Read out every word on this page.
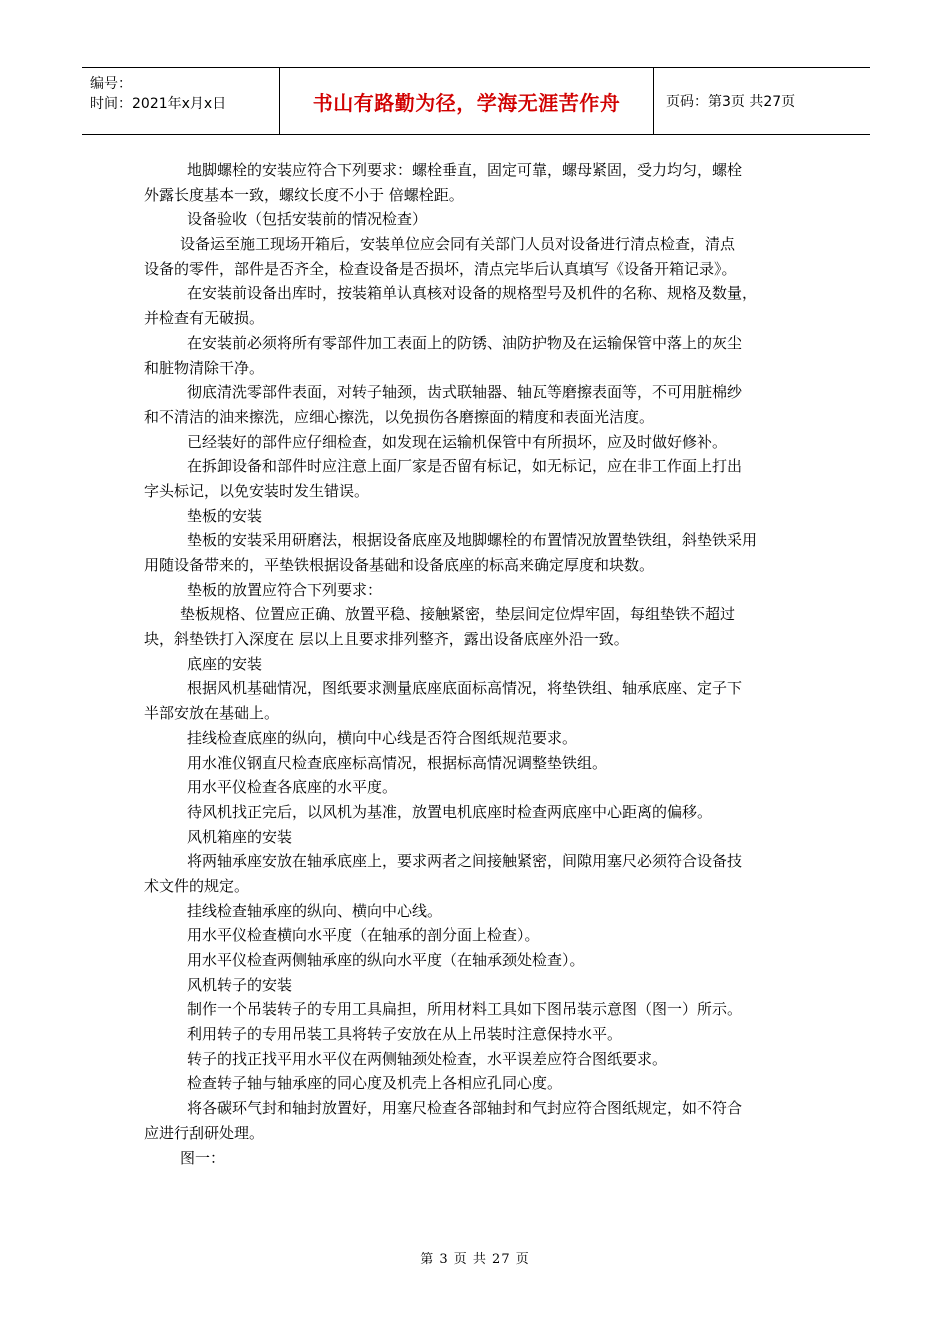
编号：
时间：2021年x月x日	书山有路勤为径，学海无涯苦作舟	页码：第3页 共27页
地脚螺栓的安装应符合下列要求：螺栓垂直，固定可靠，螺母紧固，受力均匀，螺栓
外露长度基本一致，螺纹长度不小于 倍螺栓距。
设备验收（包括安装前的情况检查）
设备运至施工现场开箱后，安装单位应会同有关部门人员对设备进行清点检查，清点
设备的零件，部件是否齐全，检查设备是否损坏，清点完毕后认真填写《设备开箱记录》。
在安装前设备出库时，按装箱单认真核对设备的规格型号及机件的名称、规格及数量，
并检查有无破损。
在安装前必须将所有零部件加工表面上的防锈、油防护物及在运输保管中落上的灰尘
和脏物清除干净。
彻底清洗零部件表面，对转子轴颈，齿式联轴器、轴瓦等磨擦表面等，不可用脏棉纱
和不清洁的油来擦洗，应细心擦洗，以免损伤各磨擦面的精度和表面光洁度。
已经装好的部件应仔细检查，如发现在运输机保管中有所损坏，应及时做好修补。
在拆卸设备和部件时应注意上面厂家是否留有标记，如无标记，应在非工作面上打出
字头标记，以免安装时发生错误。
垫板的安装
垫板的安装采用研磨法，根据设备底座及地脚螺栓的布置情况放置垫铁组，斜垫铁采用
用随设备带来的，平垫铁根据设备基础和设备底座的标高来确定厚度和块数。
垫板的放置应符合下列要求：
垫板规格、位置应正确、放置平稳、接触紧密，垫层间定位焊牢固，每组垫铁不超过
块，斜垫铁打入深度在 层以上且要求排列整齐，露出设备底座外沿一致。
底座的安装
根据风机基础情况，图纸要求测量底座底面标高情况，将垫铁组、轴承底座、定子下
半部安放在基础上。
挂线检查底座的纵向，横向中心线是否符合图纸规范要求。
用水准仪钢直尺检查底座标高情况，根据标高情况调整垫铁组。
用水平仪检查各底座的水平度。
待风机找正完后，以风机为基准，放置电机底座时检查两底座中心距离的偏移。
风机箱座的安装
将两轴承座安放在轴承底座上，要求两者之间接触紧密，间隙用塞尺必须符合设备技
术文件的规定。
挂线检查轴承座的纵向、横向中心线。
用水平仪检查横向水平度（在轴承的剖分面上检查）。
用水平仪检查两侧轴承座的纵向水平度（在轴承颈处检查）。
风机转子的安装
制作一个吊装转子的专用工具扁担，所用材料工具如下图吊装示意图（图一）所示。
利用转子的专用吊装工具将转子安放在从上吊装时注意保持水平。
转子的找正找平用水平仪在两侧轴颈处检查，水平误差应符合图纸要求。
检查转子轴与轴承座的同心度及机壳上各相应孔同心度。
将各碳环气封和轴封放置好，用塞尺检查各部轴封和气封应符合图纸规定，如不符合
应进行刮研处理。
图一：
第 3 页 共 27 页
